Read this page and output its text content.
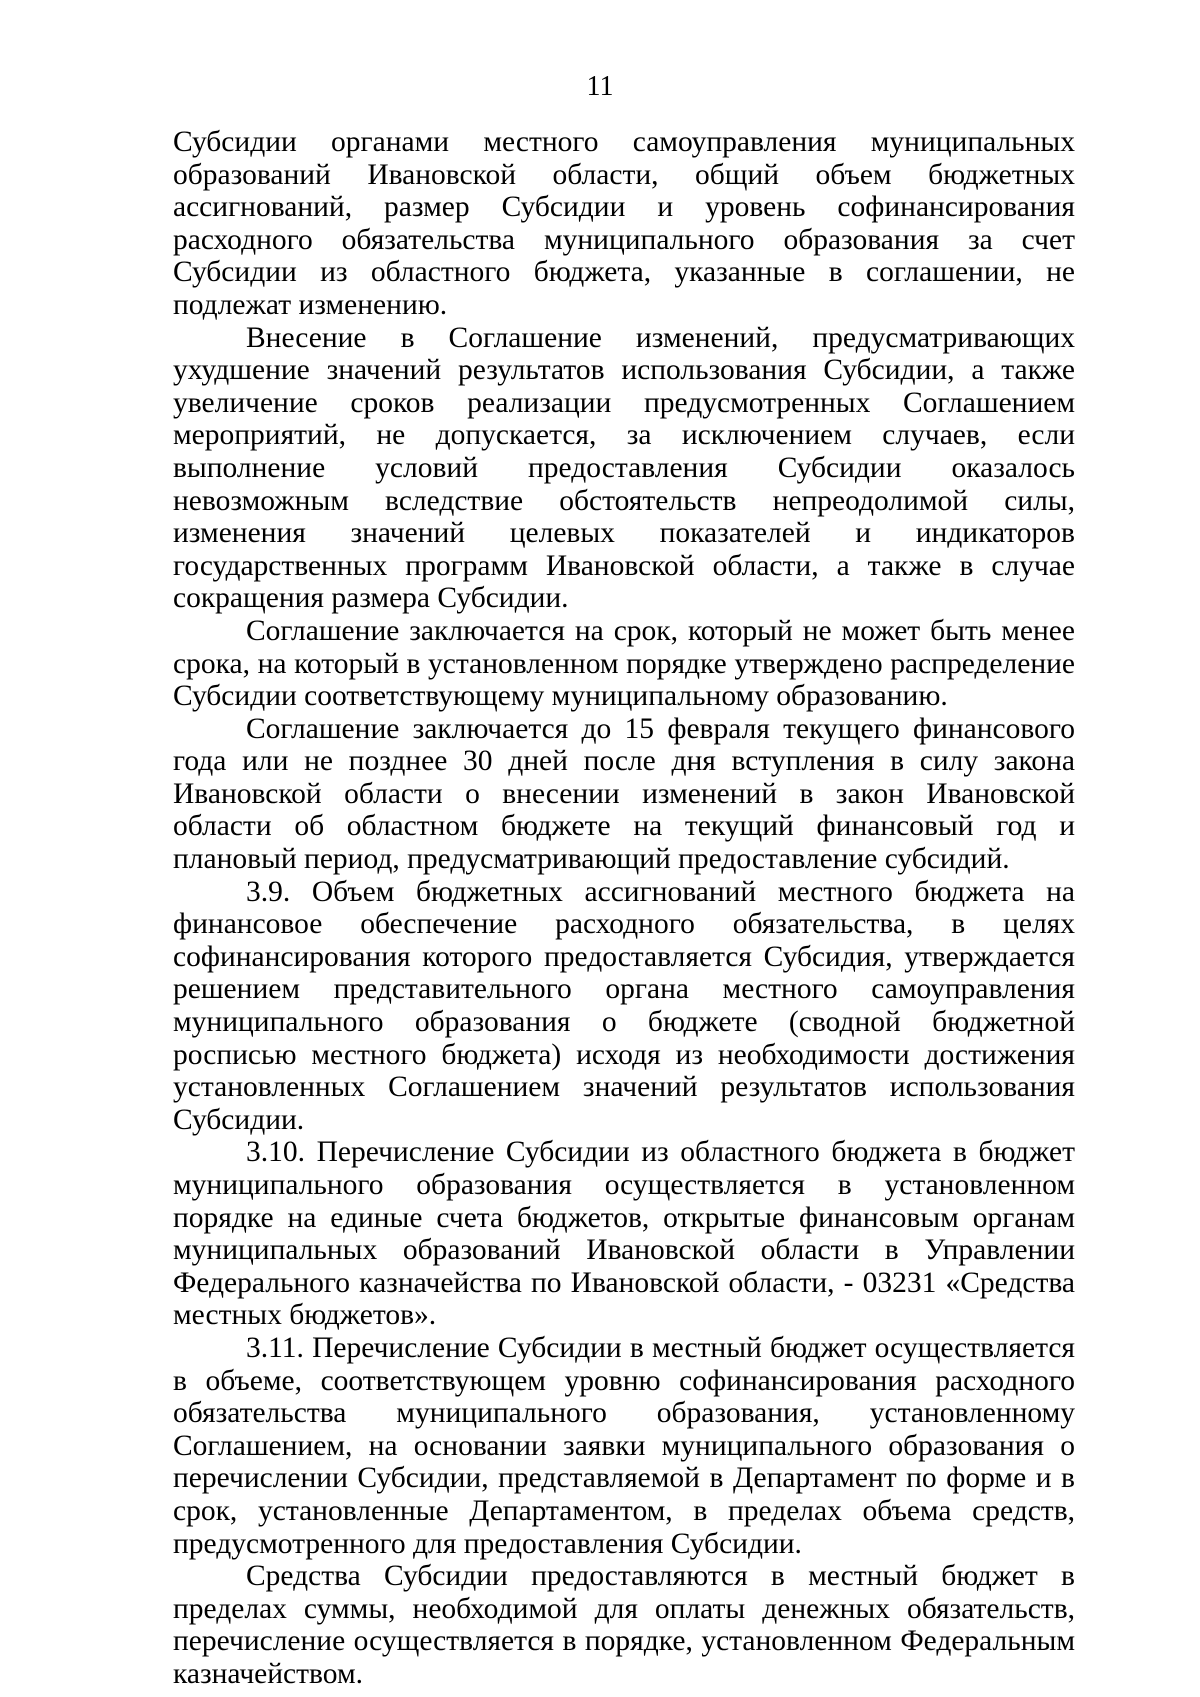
11

Субсидии органами местного самоуправления муниципальных образований Ивановской области, общий объем бюджетных ассигнований, размер Субсидии и уровень софинансирования расходного обязательства муниципального образования за счет Субсидии из областного бюджета, указанные в соглашении, не подлежат изменению.

Внесение в Соглашение изменений, предусматривающих ухудшение значений результатов использования Субсидии, а также увеличение сроков реализации предусмотренных Соглашением мероприятий, не допускается, за исключением случаев, если выполнение условий предоставления Субсидии оказалось невозможным вследствие обстоятельств непреодолимой силы, изменения значений целевых показателей и индикаторов государственных программ Ивановской области, а также в случае сокращения размера Субсидии.

Соглашение заключается на срок, который не может быть менее срока, на который в установленном порядке утверждено распределение Субсидии соответствующему муниципальному образованию.

Соглашение заключается до 15 февраля текущего финансового года или не позднее 30 дней после дня вступления в силу закона Ивановской области о внесении изменений в закон Ивановской области об областном бюджете на текущий финансовый год и плановый период, предусматривающий предоставление субсидий.

3.9. Объем бюджетных ассигнований местного бюджета на финансовое обеспечение расходного обязательства, в целях софинансирования которого предоставляется Субсидия, утверждается решением представительного органа местного самоуправления муниципального образования о бюджете (сводной бюджетной росписью местного бюджета) исходя из необходимости достижения установленных Соглашением значений результатов использования Субсидии.

3.10. Перечисление Субсидии из областного бюджета в бюджет муниципального образования осуществляется в установленном порядке на единые счета бюджетов, открытые финансовым органам муниципальных образований Ивановской области в Управлении Федерального казначейства по Ивановской области, - 03231 «Средства местных бюджетов».

3.11. Перечисление Субсидии в местный бюджет осуществляется в объеме, соответствующем уровню софинансирования расходного обязательства муниципального образования, установленному Соглашением, на основании заявки муниципального образования о перечислении Субсидии, представляемой в Департамент по форме и в срок, установленные Департаментом, в пределах объема средств, предусмотренного для предоставления Субсидии.

Средства Субсидии предоставляются в местный бюджет в пределах суммы, необходимой для оплаты денежных обязательств, перечисление осуществляется в порядке, установленном Федеральным казначейством.
